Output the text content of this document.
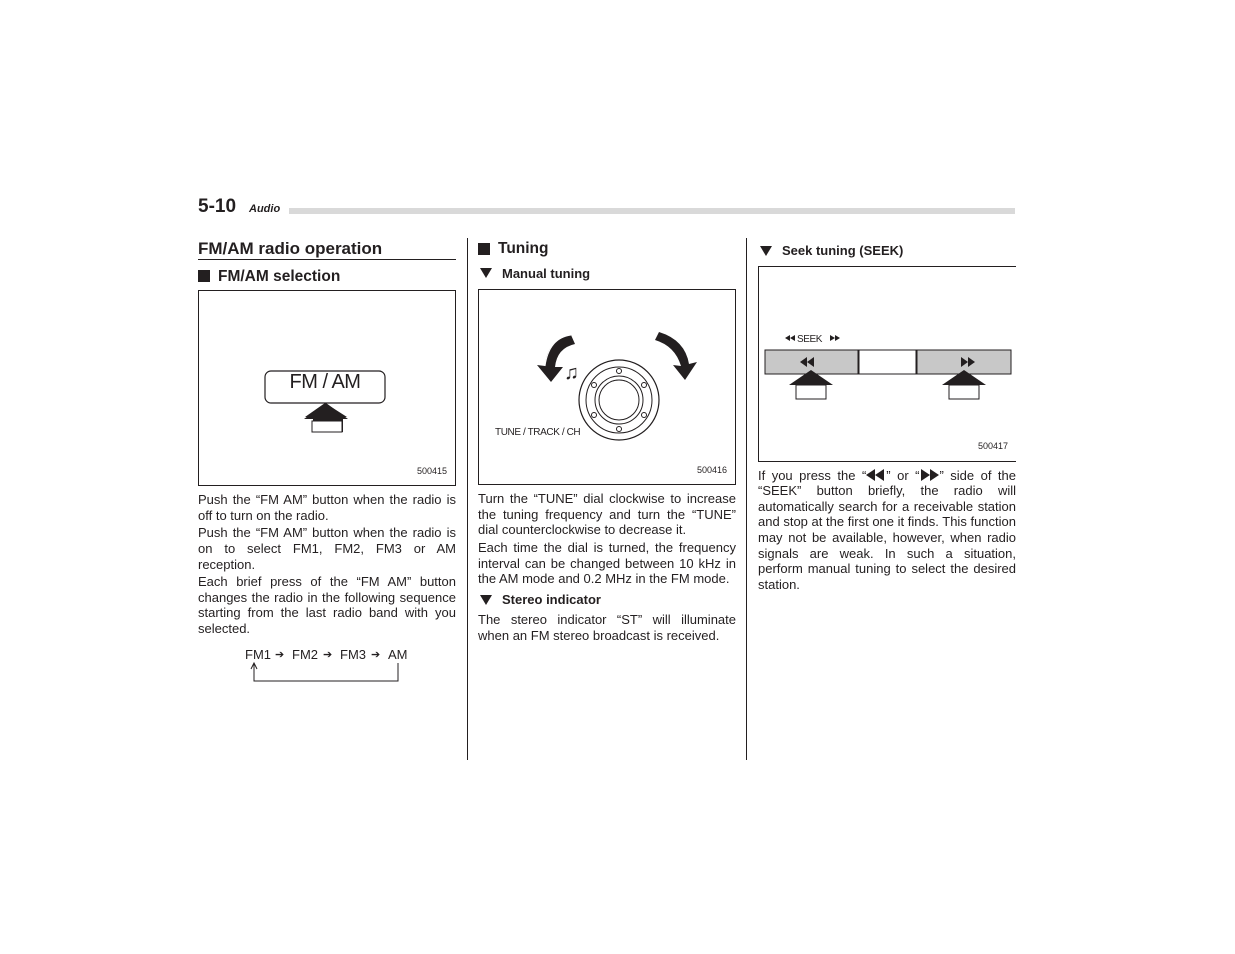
5-10 Audio
FM/AM radio operation
FM/AM selection
FM / AM
500415

Push the “FM AM” button when the radio is off to turn on the radio.

Push the “FM AM” button when the radio is on to select FM1, FM2, FM3 or AM reception.

Each brief press of the “FM AM” button changes the radio in the following sequence starting from the last radio band with you selected.

FM1 ➔ FM2 ➔ FM3 ➔ AM
Tuning
Manual tuning
♫
TUNE / TRACK / CH
500416

Turn the “TUNE” dial clockwise to increase the tuning frequency and turn the “TUNE” dial counterclockwise to decrease it.

Each time the dial is turned, the frequency interval can be changed between 10 kHz in the AM mode and 0.2 MHz in the FM mode.

Stereo indicator

The stereo indicator “ST” will illuminate when an FM stereo broadcast is received.

Seek tuning (SEEK)
SEEK
500417

If you press the “ ” or “ ” side of the “SEEK” button briefly, the radio will automatically search for a receivable station and stop at the first one it finds. This function may not be available, however, when radio signals are weak. In such a situation, perform manual tuning to select the desired station.
